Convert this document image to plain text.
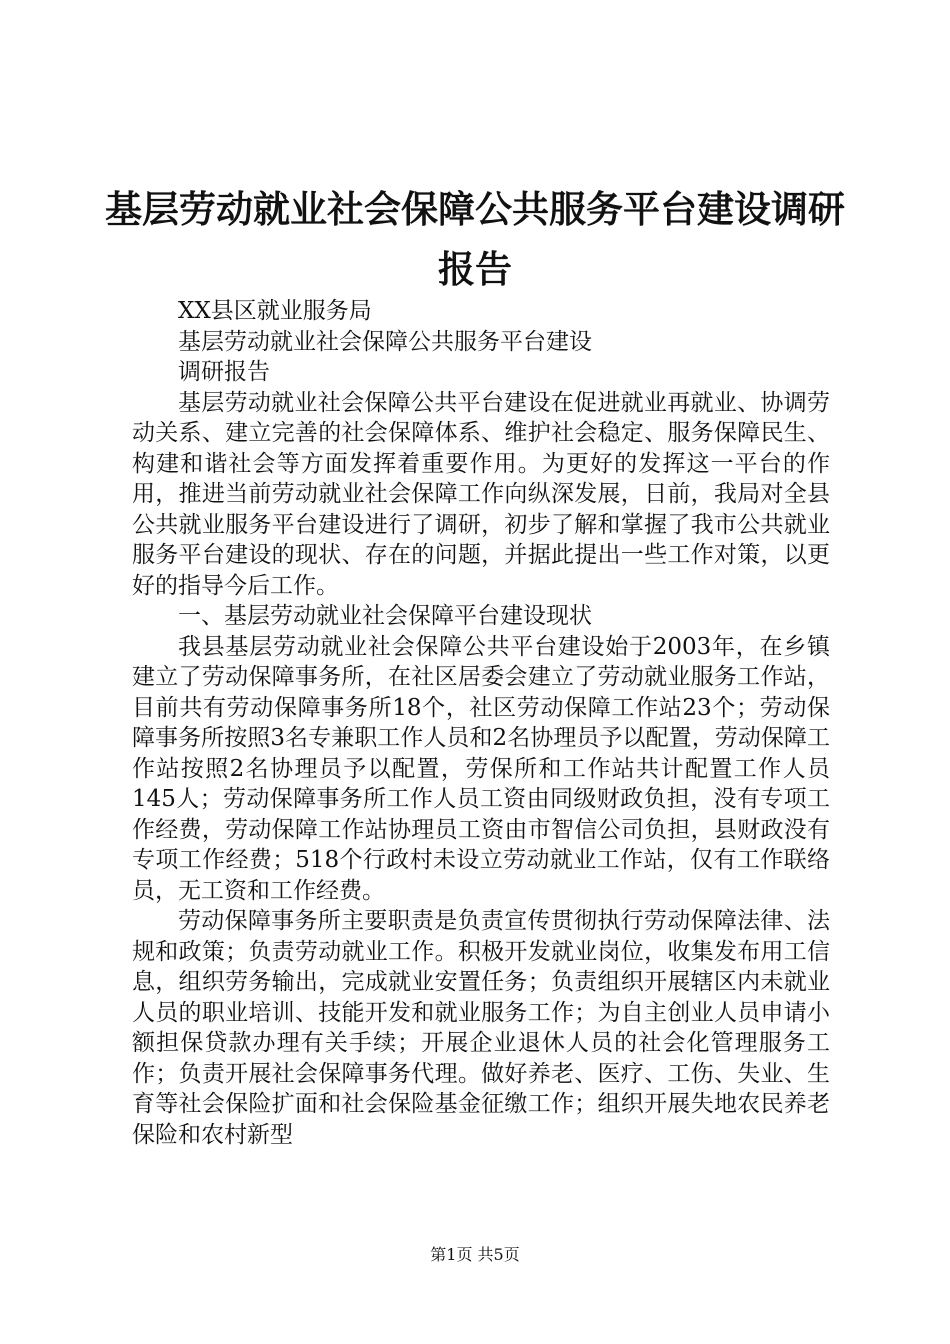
基层劳动就业社会保障公共服务平台建设调研报告

XX县区就业服务局

基层劳动就业社会保障公共服务平台建设

调研报告

基层劳动就业社会保障公共平台建设在促进就业再就业、协调劳动关系、建立完善的社会保障体系、维护社会稳定、服务保障民生、构建和谐社会等方面发挥着重要作用。为更好的发挥这一平台的作用，推进当前劳动就业社会保障工作向纵深发展，日前，我局对全县公共就业服务平台建设进行了调研，初步了解和掌握了我市公共就业服务平台建设的现状、存在的问题，并据此提出一些工作对策，以更好的指导今后工作。

一、基层劳动就业社会保障平台建设现状

我县基层劳动就业社会保障公共平台建设始于2003年，在乡镇建立了劳动保障事务所，在社区居委会建立了劳动就业服务工作站，目前共有劳动保障事务所18个，社区劳动保障工作站23个；劳动保障事务所按照3名专兼职工作人员和2名协理员予以配置，劳动保障工作站按照2名协理员予以配置，劳保所和工作站共计配置工作人员145人；劳动保障事务所工作人员工资由同级财政负担，没有专项工作经费，劳动保障工作站协理员工资由市智信公司负担，县财政没有专项工作经费；518个行政村未设立劳动就业工作站，仅有工作联络员，无工资和工作经费。

劳动保障事务所主要职责是负责宣传贯彻执行劳动保障法律、法规和政策；负责劳动就业工作。积极开发就业岗位，收集发布用工信息，组织劳务输出，完成就业安置任务；负责组织开展辖区内未就业人员的职业培训、技能开发和就业服务工作；为自主创业人员申请小额担保贷款办理有关手续；开展企业退休人员的社会化管理服务工作；负责开展社会保障事务代理。做好养老、医疗、工伤、失业、生育等社会保险扩面和社会保险基金征缴工作；组织开展失地农民养老保险和农村新型

第1页 共5页
